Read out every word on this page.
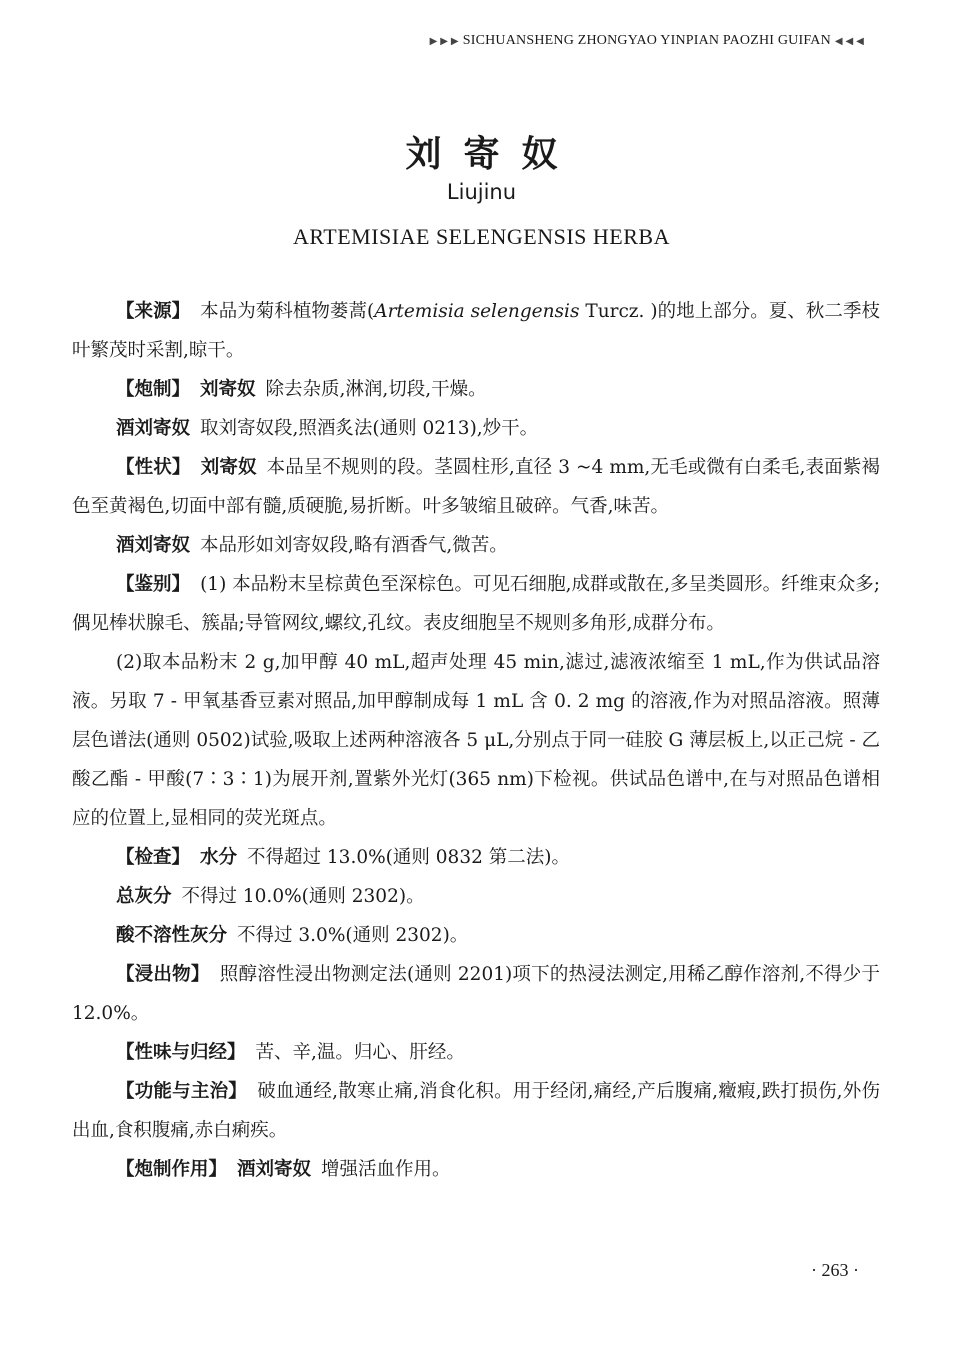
▶ ▶ ▶ SICHUANSHENG ZHONGYAO YINPIAN PAOZHI GUIFAN ◀ ◀ ◀
刘寄奴
Liujinu
ARTEMISIAE SELENGENSIS HERBA

【来源】 本品为菊科植物蒌蒿(Artemisia selengensis Turcz. )的地上部分。夏、秋二季枝叶繁茂时采割,晾干。

【炮制】 刘寄奴 除去杂质,淋润,切段,干燥。

酒刘寄奴 取刘寄奴段,照酒炙法(通则 0213),炒干。

【性状】 刘寄奴 本品呈不规则的段。茎圆柱形,直径 3 ~4 mm,无毛或微有白柔毛,表面紫褐色至黄褐色,切面中部有髓,质硬脆,易折断。叶多皱缩且破碎。气香,味苦。

酒刘寄奴 本品形如刘寄奴段,略有酒香气,微苦。

【鉴别】 (1) 本品粉末呈棕黄色至深棕色。可见石细胞,成群或散在,多呈类圆形。纤维束众多;偶见棒状腺毛、簇晶;导管网纹,螺纹,孔纹。表皮细胞呈不规则多角形,成群分布。

(2)取本品粉末 2 g,加甲醇 40 mL,超声处理 45 min,滤过,滤液浓缩至 1 mL,作为供试品溶液。另取 7 - 甲氧基香豆素对照品,加甲醇制成每 1 mL 含 0. 2 mg 的溶液,作为对照品溶液。照薄层色谱法(通则 0502)试验,吸取上述两种溶液各 5 μL,分别点于同一硅胶 G 薄层板上,以正己烷 - 乙酸乙酯 - 甲酸(7∶3∶1)为展开剂,置紫外光灯(365 nm)下检视。供试品色谱中,在与对照品色谱相应的位置上,显相同的荧光斑点。

【检查】 水分 不得超过 13.0%(通则 0832 第二法)。

总灰分 不得过 10.0%(通则 2302)。

酸不溶性灰分 不得过 3.0%(通则 2302)。

【浸出物】 照醇溶性浸出物测定法(通则 2201)项下的热浸法测定,用稀乙醇作溶剂,不得少于 12.0%。

【性味与归经】 苦、辛,温。归心、肝经。

【功能与主治】 破血通经,散寒止痛,消食化积。用于经闭,痛经,产后腹痛,癥瘕,跌打损伤,外伤出血,食积腹痛,赤白痢疾。

【炮制作用】 酒刘寄奴 增强活血作用。

· 263 ·
